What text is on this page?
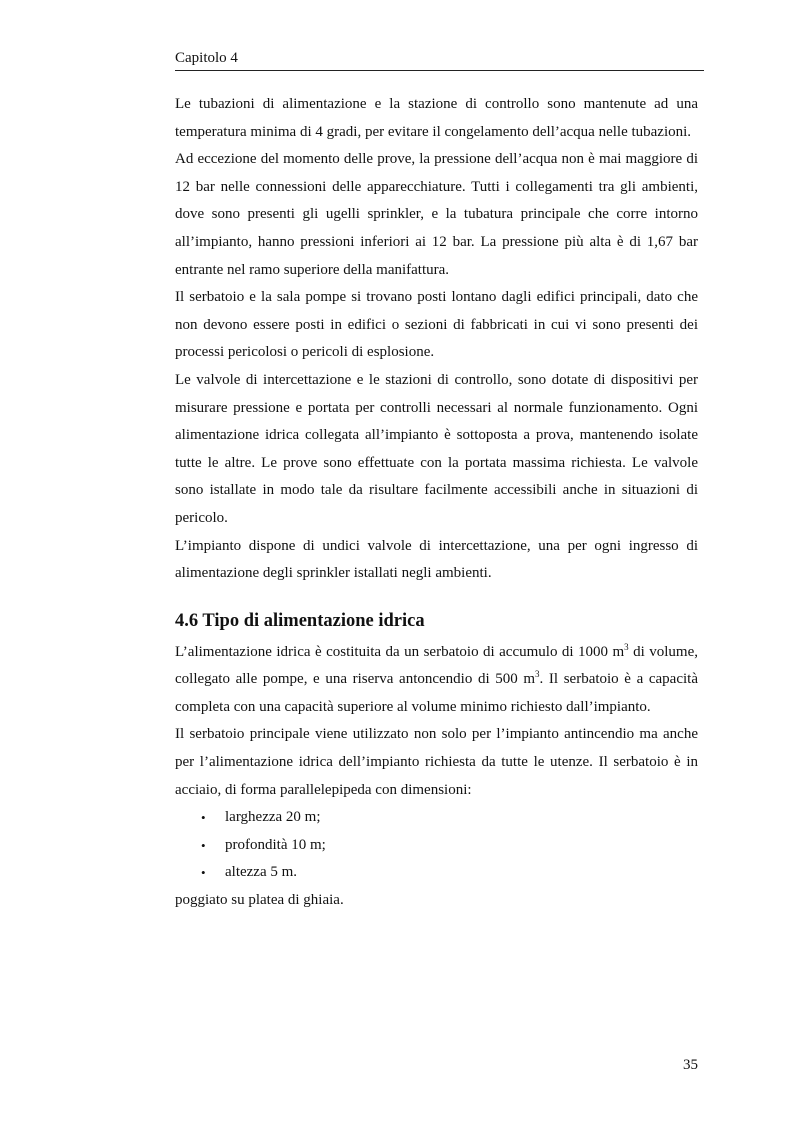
Capitolo 4

Le tubazioni di alimentazione e la stazione di controllo sono mantenute ad una temperatura minima di 4 gradi, per evitare il congelamento dell’acqua nelle tubazioni.

Ad eccezione del momento delle prove, la pressione dell’acqua non è mai maggiore di 12 bar nelle connessioni delle apparecchiature. Tutti i collegamenti tra gli ambienti, dove sono presenti gli ugelli sprinkler, e la tubatura principale che corre intorno all’impianto, hanno pressioni inferiori ai 12 bar. La pressione più alta è di 1,67 bar entrante nel ramo superiore della manifattura.

Il serbatoio e la sala pompe si trovano posti lontano dagli edifici principali, dato che non devono essere posti in edifici o sezioni di fabbricati in cui vi sono presenti dei processi pericolosi o pericoli di esplosione.

Le valvole di intercettazione e le stazioni di controllo, sono dotate di dispositivi per misurare pressione e portata per controlli necessari al normale funzionamento. Ogni alimentazione idrica collegata all’impianto è sottoposta a prova, mantenendo isolate tutte le altre. Le prove sono effettuate con la portata massima richiesta. Le valvole sono istallate in modo tale da risultare facilmente accessibili anche in situazioni di pericolo.

L’impianto dispone di undici valvole di intercettazione, una per ogni ingresso di alimentazione degli sprinkler istallati negli ambienti.

4.6 Tipo di alimentazione idrica

L’alimentazione idrica è costituita da un serbatoio di accumulo di 1000 $m^3$ di volume, collegato alle pompe, e una riserva antoncendio di 500 $m^3$. Il serbatoio è a capacità completa con una capacità superiore al volume minimo richiesto dall’impianto.

Il serbatoio principale viene utilizzato non solo per l’impianto antincendio ma anche per l’alimentazione idrica dell’impianto richiesta da tutte le utenze. Il serbatoio è in acciaio, di forma parallelepipeda con dimensioni:

• larghezza 20 m;
• profondità 10 m;
• altezza 5 m.

poggiato su platea di ghiaia.

35
